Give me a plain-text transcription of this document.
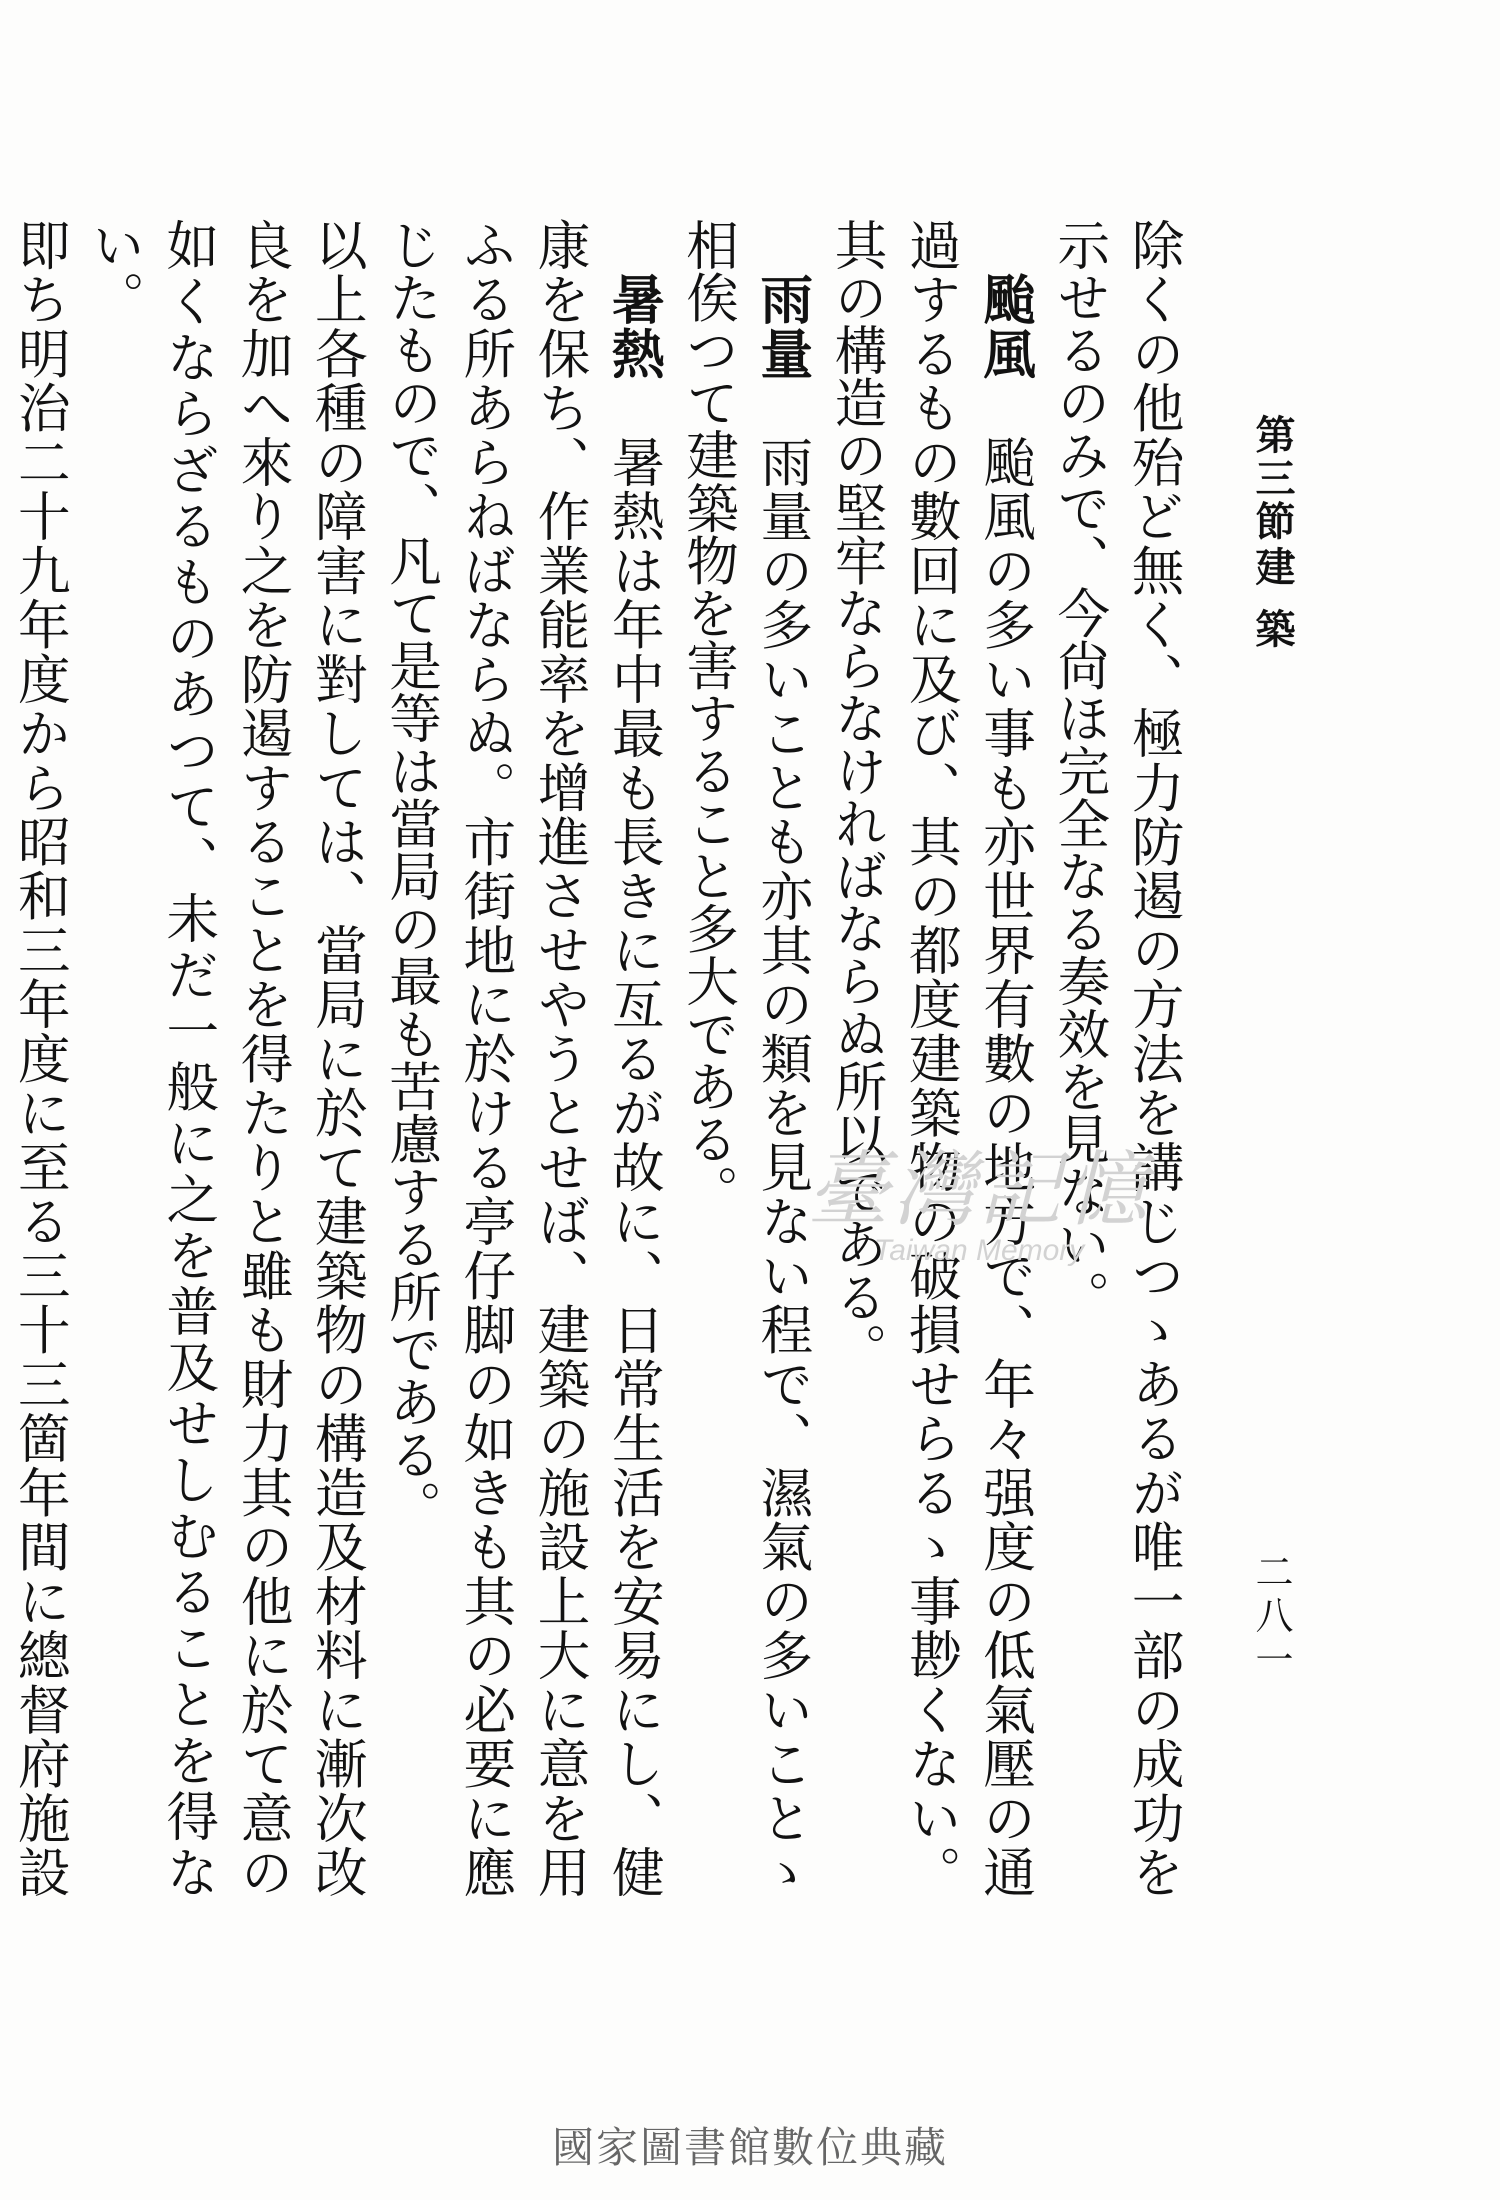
第三節
建築
二八一

除くの他殆ど無く、極力防遏の方法を講じつゝあるが唯一部の成功を示せるのみで、今尙ほ完全なる奏效を見ない。

　颱風　颱風の多い事も亦世界有數の地方で、年々强度の低氣壓の通過するもの數回に及び、其の都度建築物の破損せらるゝ事尠くない。其の構造の堅牢ならなければならぬ所以である。

　雨量　雨量の多いことも亦其の類を見ない程で、濕氣の多いことゝ相俟つて建築物を害すること多大である。

　暑熱　暑熱は年中最も長きに亙るが故に、日常生活を安易にし、健康を保ち、作業能率を增進させやうとせば、建築の施設上大に意を用ふる所あらねばならぬ。市街地に於ける亭仔脚の如きも其の必要に應じたもので、凡て是等は當局の最も苦慮する所である。

以上各種の障害に對しては、當局に於て建築物の構造及材料に漸次改良を加へ來り之を防遏することを得たりと雖も財力其の他に於て意の如くならざるものあつて、未だ一般に之を普及せしむることを得ない。

即ち明治二十九年度から昭和三年度に至る三十三箇年間に總督府施設

臺灣記憶
Taiwan Memory
國家圖書館數位典藏
